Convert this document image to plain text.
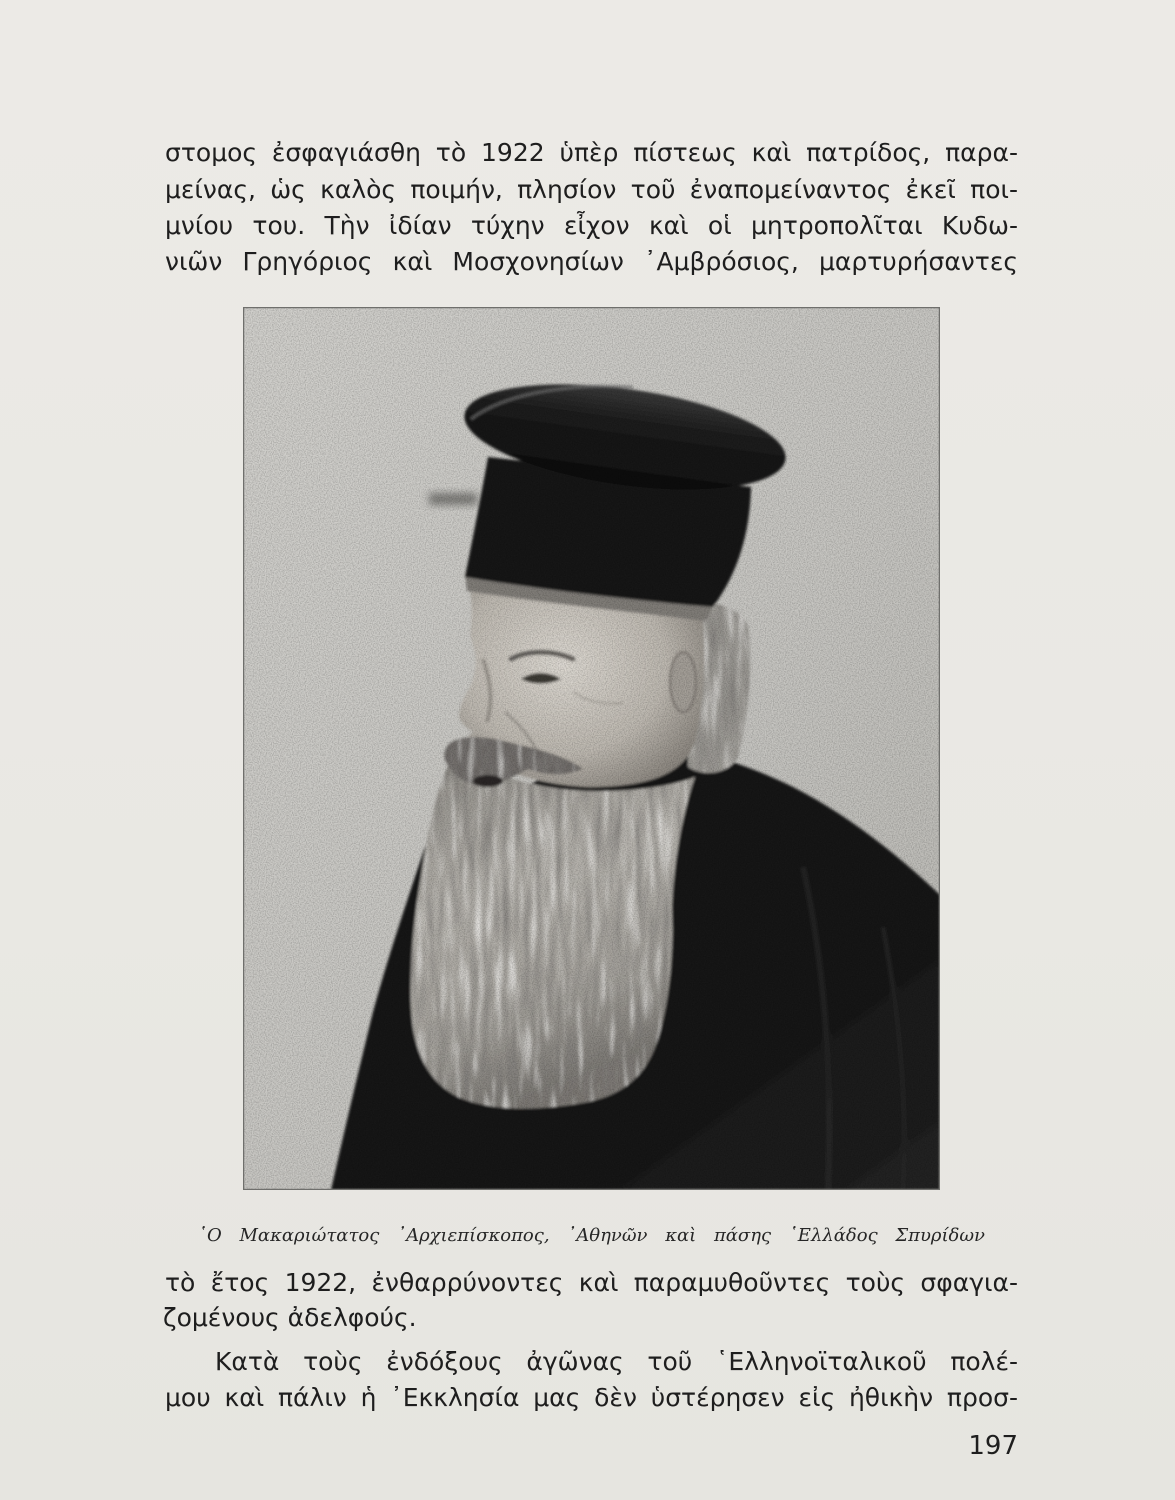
στομος ἐσφαγιάσθη τὸ 1922 ὑπὲρ πίστεως καὶ πατρίδος, παρα-
μείνας, ὡς καλὸς ποιμήν, πλησίον τοῦ ἐναπομείναντος ἐκεῖ ποι-
μνίου του. Τὴν ἰδίαν τύχην εἶχον καὶ οἱ μητροπολῖται Κυδω-
νιῶν Γρηγόριος καὶ Μοσχονησίων ᾿Αμβρόσιος, μαρτυρήσαντες
῾Ο Μακαριώτατος ᾿Αρχιεπίσκοπος, ᾿Αθηνῶν καὶ πάσης ῾Ελλάδος Σπυρίδων
τὸ ἔτος 1922, ἐνθαρρύνοντες καὶ παραμυθοῦντες τοὺς σφαγια-
ζομένους ἀδελφούς.
Κατὰ τοὺς ἐνδόξους ἀγῶνας τοῦ ῾Ελληνοϊταλικοῦ πολέ-
μου καὶ πάλιν ἡ ᾿Εκκλησία μας δὲν ὑστέρησεν εἰς ἠθικὴν προσ-
197
